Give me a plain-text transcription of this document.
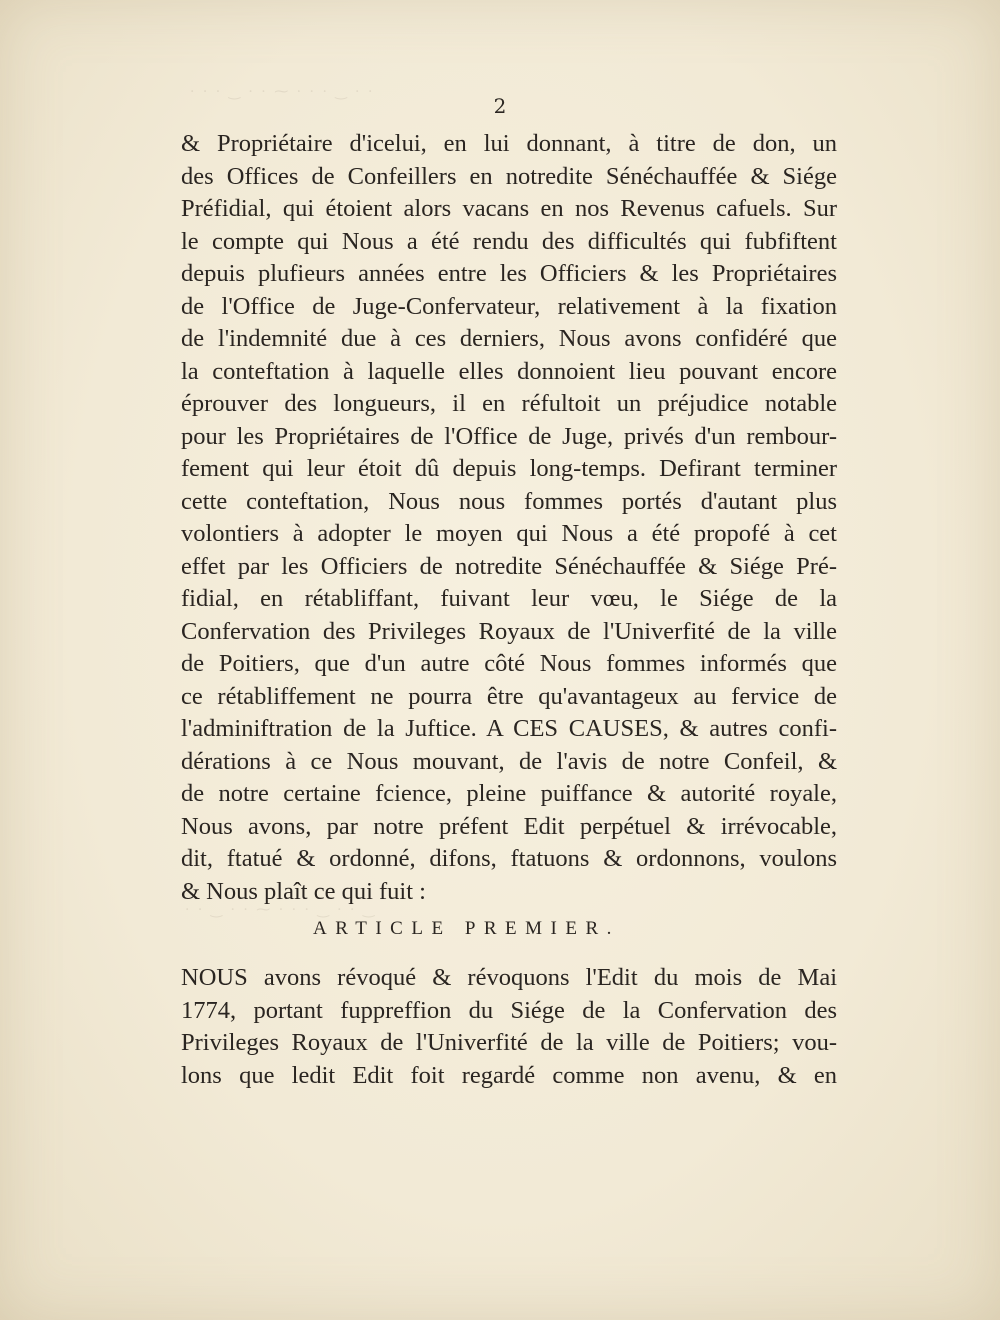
· · · ‿ · · ⁓ · · · ‿ · ·
· · ‿ · · ⁓ · · · ‿ · · ‿
2
& Propriétaire d'icelui, en lui donnant, à titre de don, un
des Offices de Confeillers en notredite Sénéchauffée & Siége
Préfidial, qui étoient alors vacans en nos Revenus cafuels. Sur
le compte qui Nous a été rendu des difficultés qui fubfiftent
depuis plufieurs années entre les Officiers & les Propriétaires
de l'Office de Juge-Confervateur, relativement à la fixation
de l'indemnité due à ces derniers, Nous avons confidéré que
la conteftation à laquelle elles donnoient lieu pouvant encore
éprouver des longueurs, il en réfultoit un préjudice notable
pour les Propriétaires de l'Office de Juge, privés d'un rembour-
fement qui leur étoit dû depuis long-temps. Defirant terminer
cette conteftation, Nous nous fommes portés d'autant plus
volontiers à adopter le moyen qui Nous a été propofé à cet
effet par les Officiers de notredite Sénéchauffée & Siége Pré-
fidial, en rétabliffant, fuivant leur vœu, le Siége de la
Confervation des Privileges Royaux de l'Univerfité de la ville
de Poitiers, que d'un autre côté Nous fommes informés que
ce rétabliffement ne pourra être qu'avantageux au fervice de
l'adminiftration de la Juftice. A CES CAUSES, & autres confi-
dérations à ce Nous mouvant, de l'avis de notre Confeil, &
de notre certaine fcience, pleine puiffance & autorité royale,
Nous avons, par notre préfent Edit perpétuel & irrévocable,
dit, ftatué & ordonné, difons, ftatuons & ordonnons, voulons
& Nous plaît ce qui fuit :
ARTICLE PREMIER.
NOUS avons révoqué & révoquons l'Edit du mois de Mai
1774, portant fuppreffion du Siége de la Confervation des
Privileges Royaux de l'Univerfité de la ville de Poitiers; vou-
lons que ledit Edit foit regardé comme non avenu, & en
